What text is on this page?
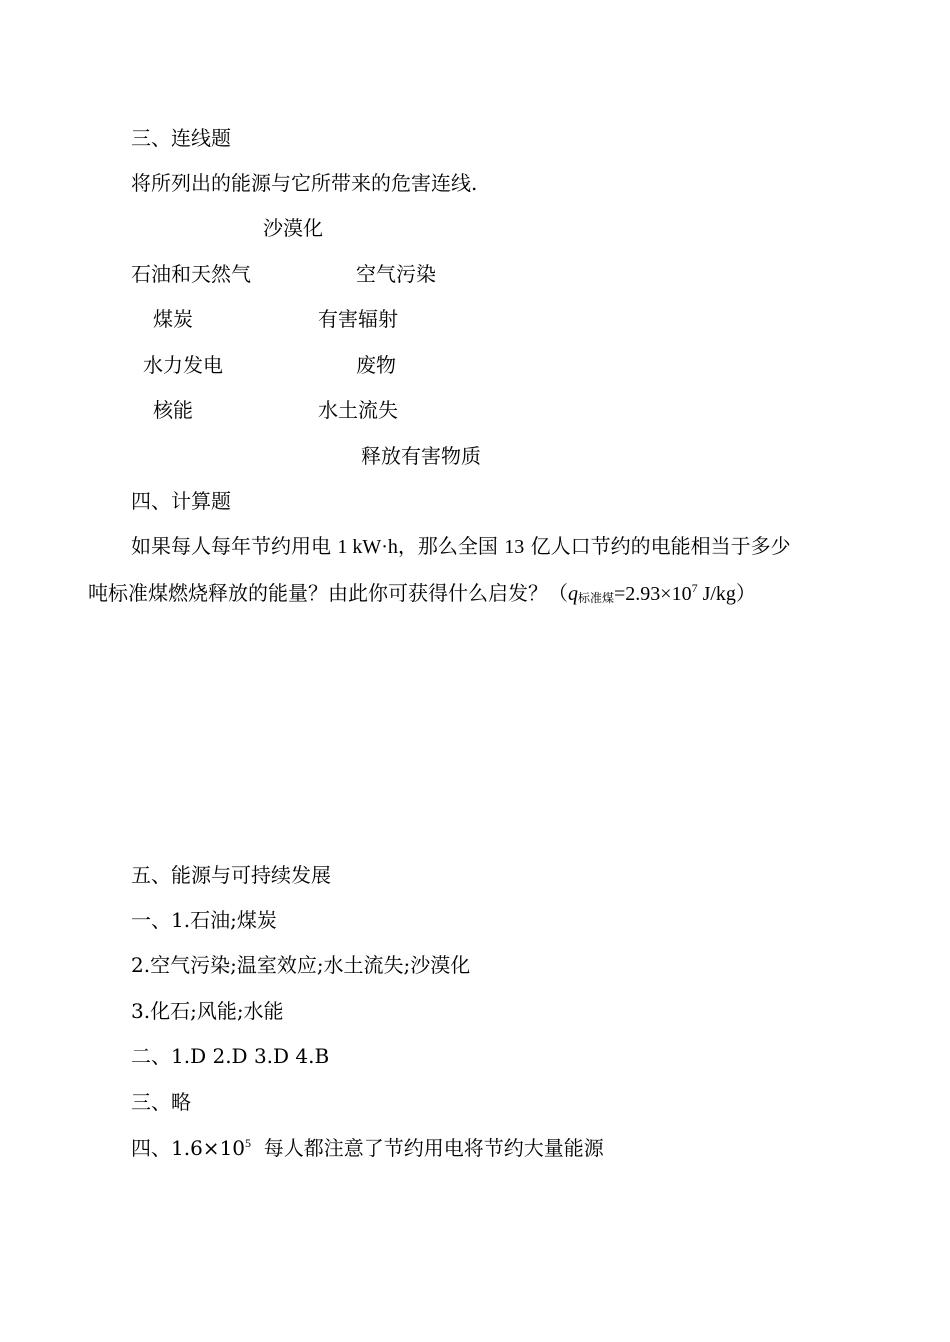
三、连线题
将所列出的能源与它所带来的危害连线.
沙漠化
石油和天然气	空气污染
煤炭	有害辐射
水力发电	废物
核能	水土流失
释放有害物质
四、计算题
如果每人每年节约用电 1 kW·h，那么全国 13 亿人口节约的电能相当于多少
吨标准煤燃烧释放的能量？由此你可获得什么启发？（q标准煤$=2.93\times 10^7$ J/kg）
五、能源与可持续发展
一、1.石油;煤炭
2.空气污染;温室效应;水土流失;沙漠化
3.化石;风能;水能
二、1.D 2.D 3.D 4.B
三、略
四、$1.6\times 10^5$  每人都注意了节约用电将节约大量能源
